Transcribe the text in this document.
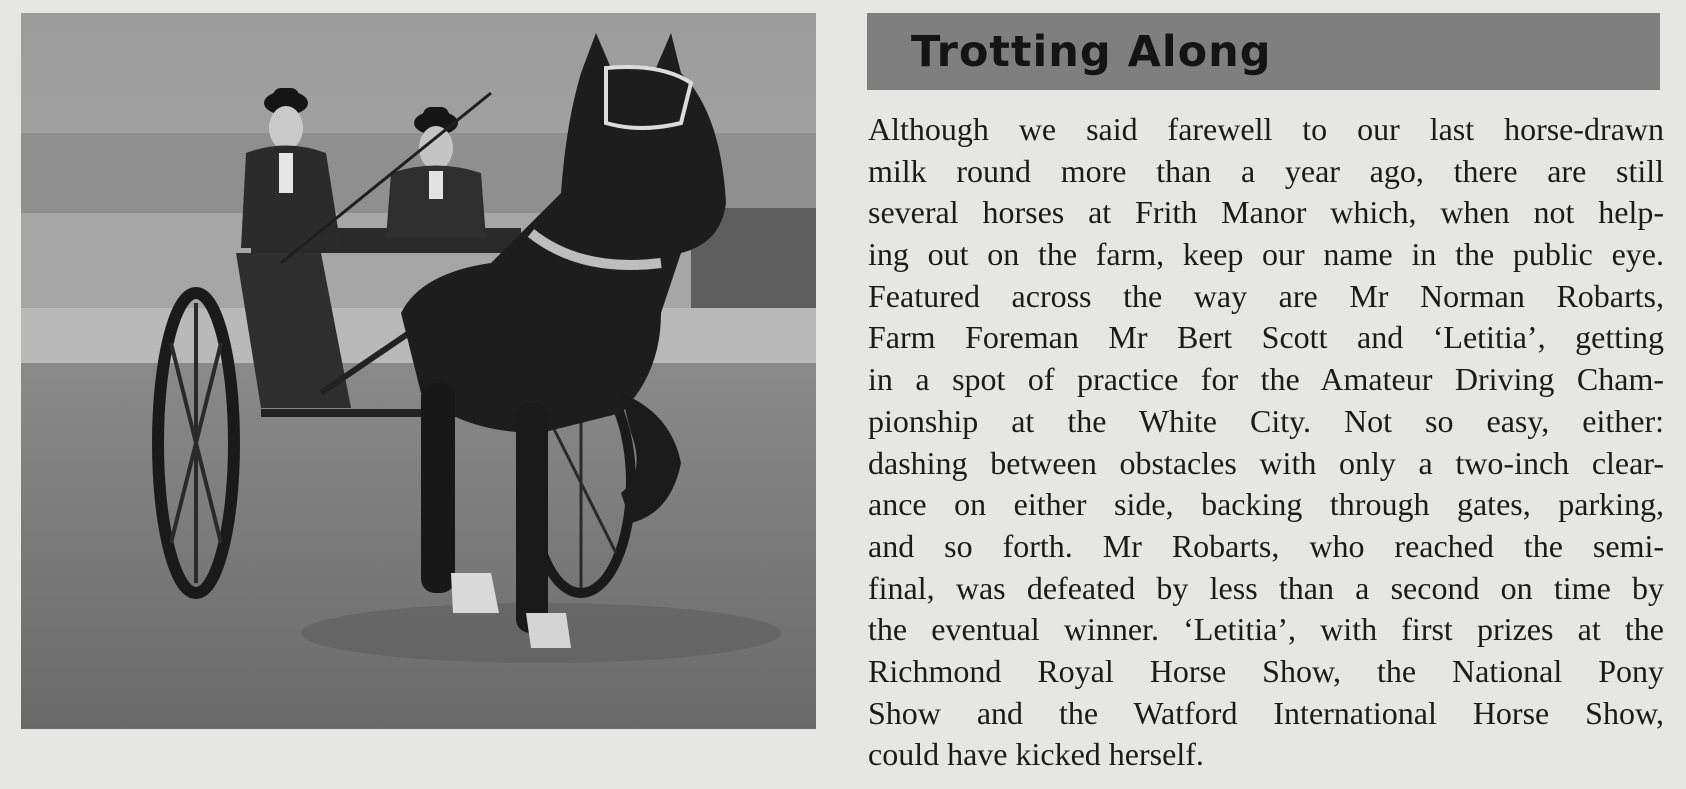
Trotting Along
Although we said farewell to our last horse-drawn
milk round more than a year ago, there are still
several horses at Frith Manor which, when not help-
ing out on the farm, keep our name in the public eye.
Featured across the way are Mr Norman Robarts,
Farm Foreman Mr Bert Scott and ‘Letitia’, getting
in a spot of practice for the Amateur Driving Cham-
pionship at the White City. Not so easy, either:
dashing between obstacles with only a two-inch clear-
ance on either side, backing through gates, parking,
and so forth. Mr Robarts, who reached the semi-
final, was defeated by less than a second on time by
the eventual winner. ‘Letitia’, with first prizes at the
Richmond Royal Horse Show, the National Pony
Show and the Watford International Horse Show,
could have kicked herself.
